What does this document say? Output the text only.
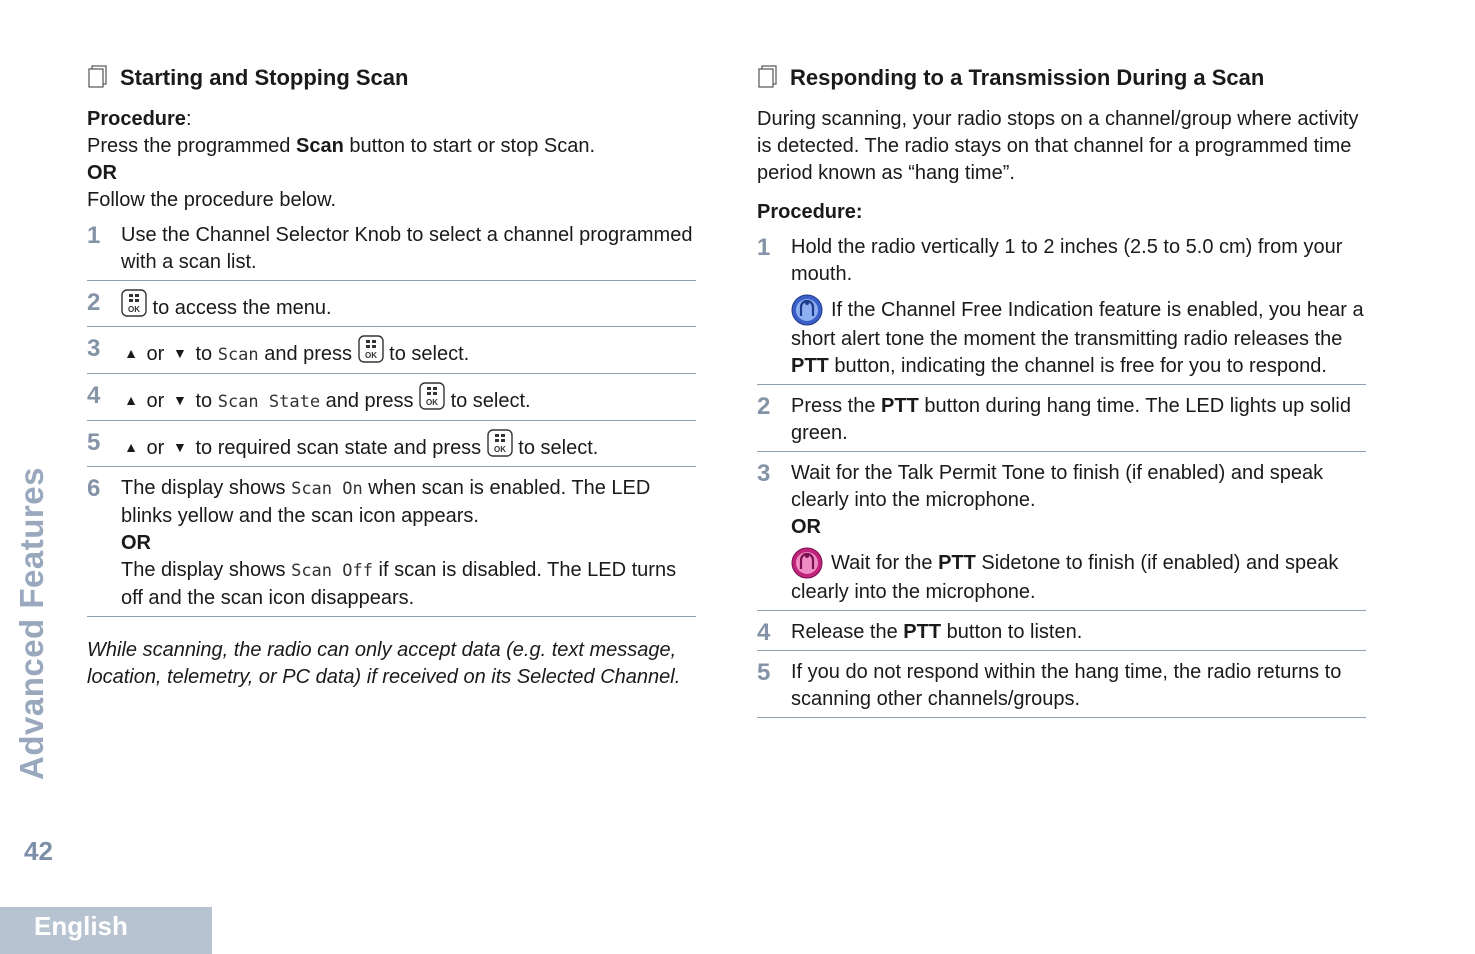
Advanced Features
42
English
Starting and Stopping Scan

Procedure:

Press the programmed Scan button to start or stop Scan.

OR

Follow the procedure below.

1	Use the Channel Selector Knob to select a channel programmed with a scan list.
2	OK to access the menu.
3	▲ or ▼ to Scan and press OK to select.
4	▲ or ▼ to Scan State and press OK to select.
5	▲ or ▼ to required scan state and press OK to select.
6	The display shows Scan On when scan is enabled. The LED blinks yellow and the scan icon appears.
OR
The display shows Scan Off if scan is disabled. The LED turns off and the scan icon disappears.

While scanning, the radio can only accept data (e.g. text message, location, telemetry, or PC data) if received on its Selected Channel.

Responding to a Transmission During a Scan

During scanning, your radio stops on a channel/group where activity is detected. The radio stays on that channel for a programmed time period known as “hang time”.

Procedure:

1	Hold the radio vertically 1 to 2 inches (2.5 to 5.0 cm) from your mouth.
If the Channel Free Indication feature is enabled, you hear a short alert tone the moment the transmitting radio releases the PTT button, indicating the channel is free for you to respond.
2	Press the PTT button during hang time. The LED lights up solid green.
3	Wait for the Talk Permit Tone to finish (if enabled) and speak clearly into the microphone.
OR
Wait for the PTT Sidetone to finish (if enabled) and speak clearly into the microphone.
4	Release the PTT button to listen.
5	If you do not respond within the hang time, the radio returns to scanning other channels/groups.
